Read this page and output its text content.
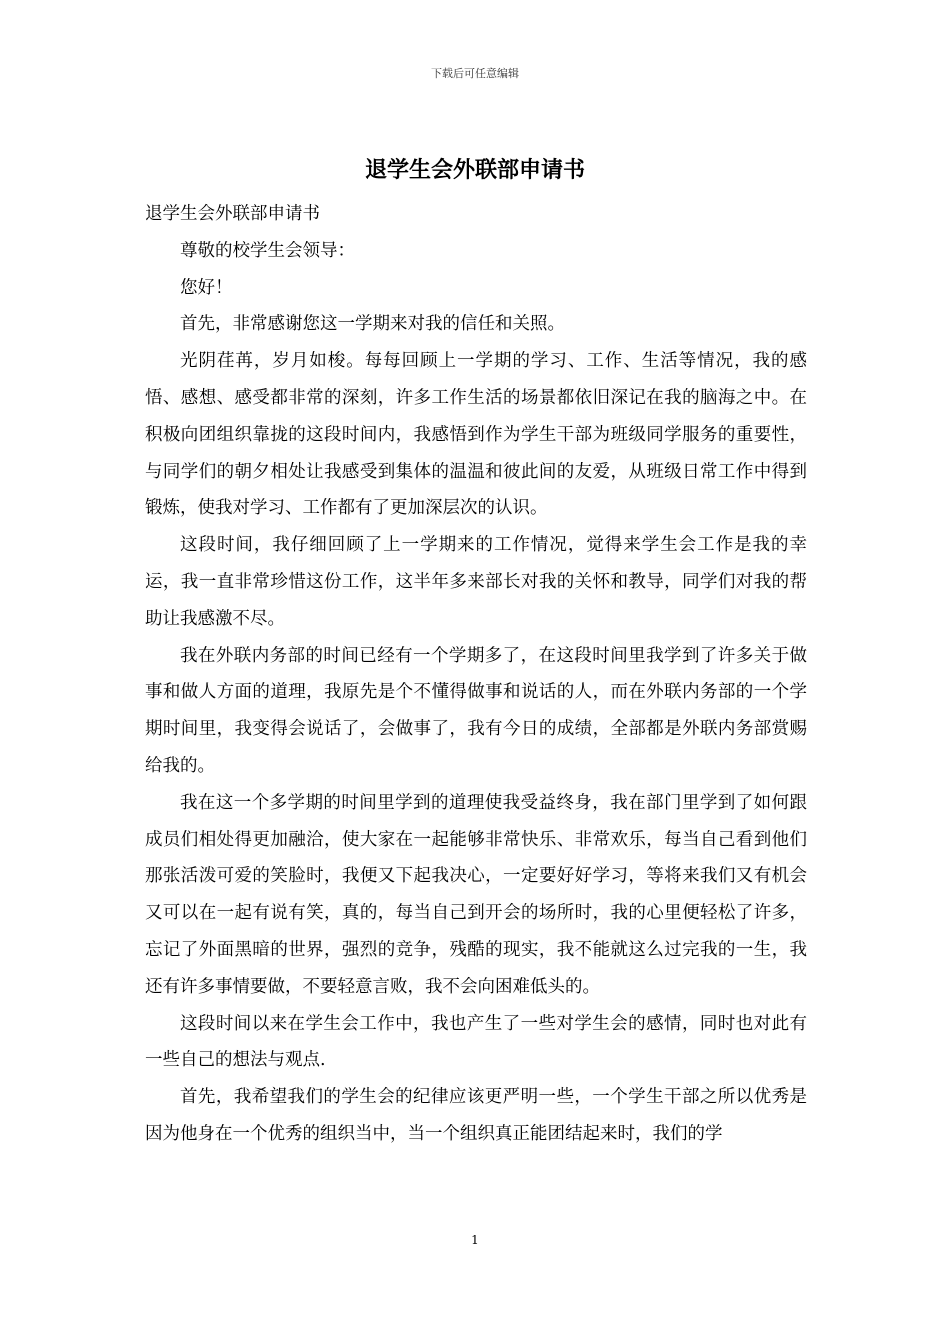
下载后可任意编辑
退学生会外联部申请书

退学生会外联部申请书

尊敬的校学生会领导：

您好！

首先，非常感谢您这一学期来对我的信任和关照。

光阴荏苒，岁月如梭。每每回顾上一学期的学习、工作、生活等情况，我的感悟、感想、感受都非常的深刻，许多工作生活的场景都依旧深记在我的脑海之中。在积极向团组织靠拢的这段时间内，我感悟到作为学生干部为班级同学服务的重要性，与同学们的朝夕相处让我感受到集体的温温和彼此间的友爱，从班级日常工作中得到锻炼，使我对学习、工作都有了更加深层次的认识。

这段时间，我仔细回顾了上一学期来的工作情况，觉得来学生会工作是我的幸运，我一直非常珍惜这份工作，这半年多来部长对我的关怀和教导，同学们对我的帮助让我感激不尽。

我在外联内务部的时间已经有一个学期多了，在这段时间里我学到了许多关于做事和做人方面的道理，我原先是个不懂得做事和说话的人，而在外联内务部的一个学期时间里，我变得会说话了，会做事了，我有今日的成绩，全部都是外联内务部赏赐给我的。

我在这一个多学期的时间里学到的道理使我受益终身，我在部门里学到了如何跟成员们相处得更加融洽，使大家在一起能够非常快乐、非常欢乐，每当自己看到他们那张活泼可爱的笑脸时，我便又下起我决心，一定要好好学习，等将来我们又有机会又可以在一起有说有笑，真的，每当自己到开会的场所时，我的心里便轻松了许多，忘记了外面黑暗的世界，强烈的竞争，残酷的现实，我不能就这么过完我的一生，我还有许多事情要做，不要轻意言败，我不会向困难低头的。

这段时间以来在学生会工作中，我也产生了一些对学生会的感情，同时也对此有一些自己的想法与观点.

首先，我希望我们的学生会的纪律应该更严明一些，一个学生干部之所以优秀是因为他身在一个优秀的组织当中，当一个组织真正能团结起来时，我们的学

1
